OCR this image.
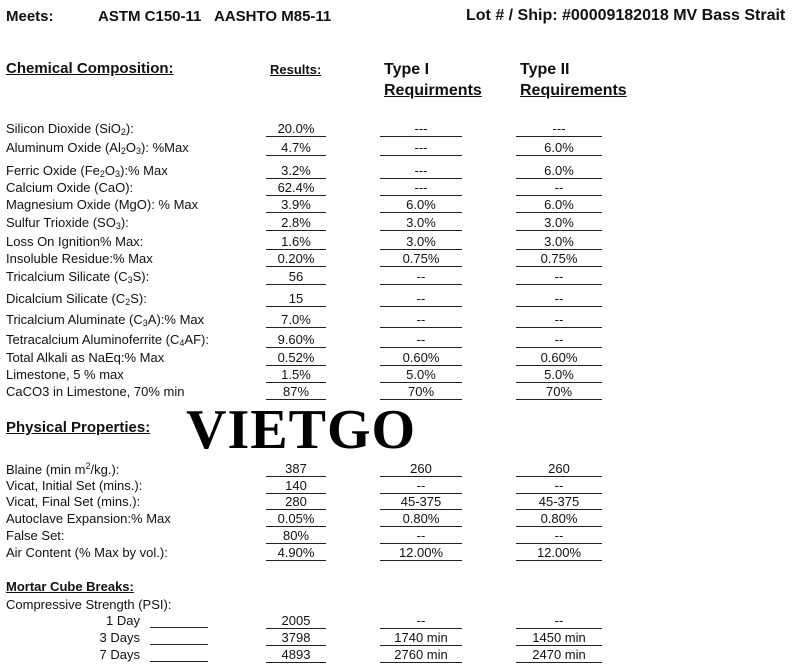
Meets:	ASTM C150-11 AASHTO M85-11	Lot # / Ship: #00009182018 MV Bass Strait
Chemical Composition:	Results:	Type I
Requirments
Type II
Requirements
Silicon Dioxide (SiO$_2$):	20.0%	---	---
Aluminum Oxide $(Al_2O_3)$: %Max	4.7%	---	6.0%
Ferric Oxide $(Fe_2O_3):\%$ Max	3.2%	---	6.0%
Calcium Oxide (CaO):	62.4%	---	--
Magnesium Oxide (MgO): % Max	3.9%	6.0%	6.0%
Sulfur Trioxide $(SO_3)$:	2.8%	3.0%	3.0%
Loss On Ignition% Max:	1.6%	3.0%	3.0%
Insoluble Residue:% Max	0.20%	0.75%	0.75%
Tricalcium Silicate $(C_3S)$:	56	--	--
Dicalcium Silicate $(C_2S)$:	15	--	--
Tricalcium Aluminate $(C_3A):\%$ Max	7.0%	--	--
Tetracalcium Aluminoferrite $(C_4AF)$:	9.60%	--	--
Total Alkali as NaEq:% Max	0.52%	0.60%	0.60%
Limestone, 5 % max	1.5%	5.0%	5.0%
CaCO3 in Limestone, 70% min	87%	70%	70%
Physical Properties:
Blaine (min $m^2/kg$.):	387	260	260
Vicat, Initial Set (mins.):	140	--	--
Vicat, Final Set (mins.):	280	45-375	45-375
Autoclave Expansion:% Max	0.05%	0.80%	0.80%
False Set:	80%	--	--
Air Content (% Max by vol.):	4.90%	12.00%	12.00%
VIETGO
Mortar Cube Breaks:
Compressive Strength (PSI):
1 Day	2005	--	--
3 Days	3798	1740 min	1450 min
7 Days	4893	2760 min	2470 min
